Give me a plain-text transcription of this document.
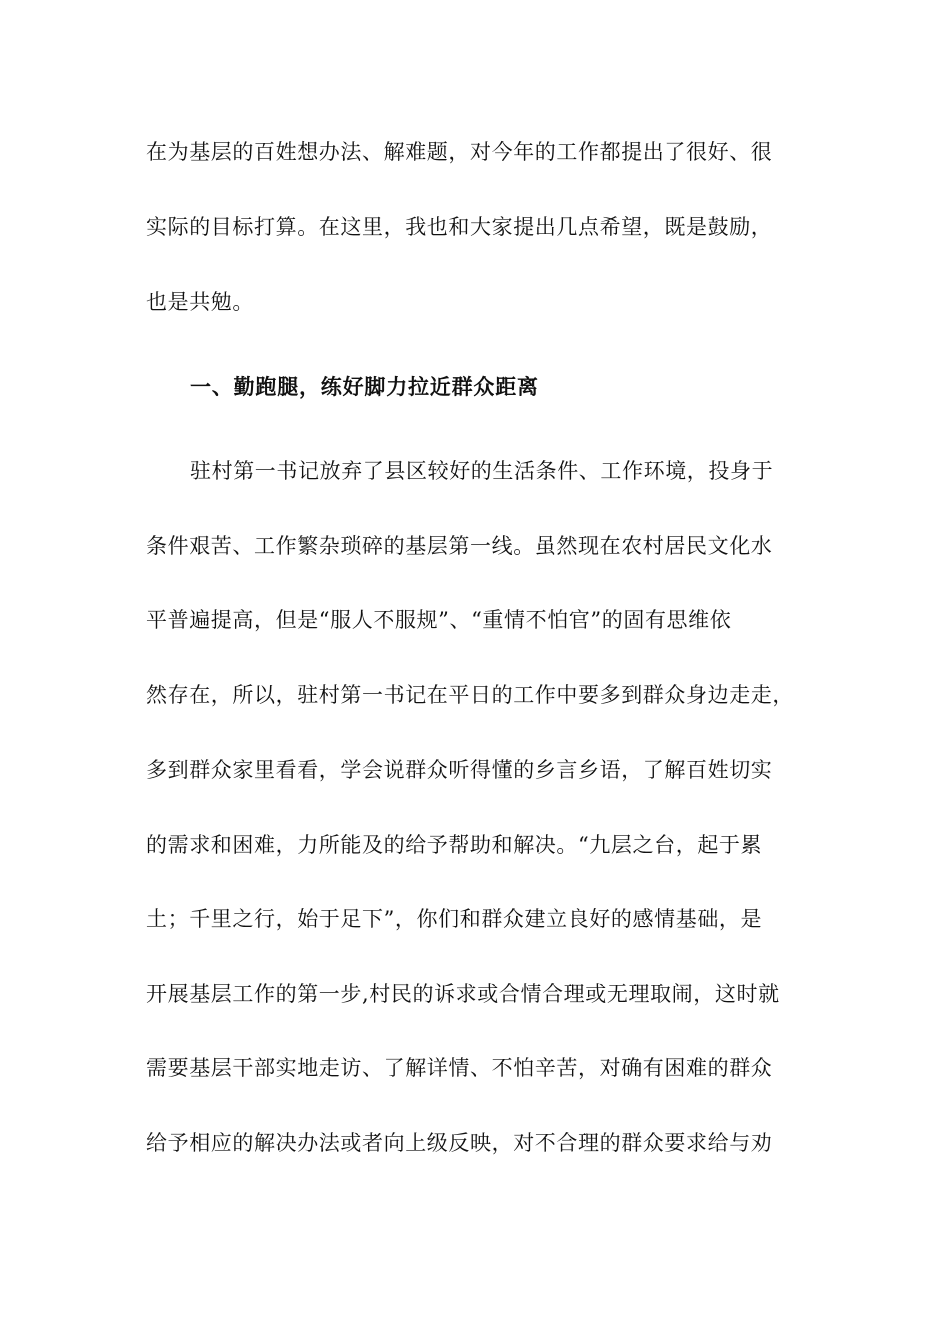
在为基层的百姓想办法、解难题，对今年的工作都提出了很好、很
实际的目标打算。在这里，我也和大家提出几点希望，既是鼓励，
也是共勉。
一、勤跑腿，练好脚力拉近群众距离
驻村第一书记放弃了县区较好的生活条件、工作环境，投身于
条件艰苦、工作繁杂琐碎的基层第一线。虽然现在农村居民文化水
平普遍提高，但是“服人不服规”、“重情不怕官”的固有思维依
然存在，所以，驻村第一书记在平日的工作中要多到群众身边走走，
多到群众家里看看，学会说群众听得懂的乡言乡语，了解百姓切实
的需求和困难，力所能及的给予帮助和解决。“九层之台，起于累
土；千里之行，始于足下”，你们和群众建立良好的感情基础，是
开展基层工作的第一步,村民的诉求或合情合理或无理取闹，这时就
需要基层干部实地走访、了解详情、不怕辛苦，对确有困难的群众
给予相应的解决办法或者向上级反映，对不合理的群众要求给与劝
